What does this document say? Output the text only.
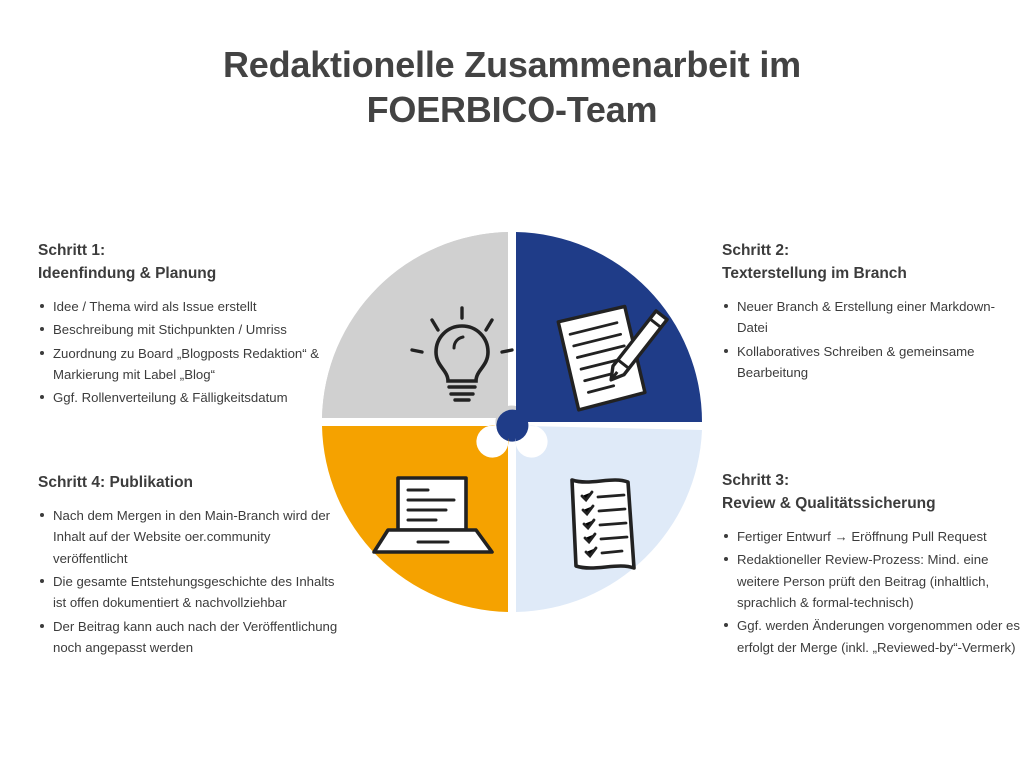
Redaktionelle Zusammenarbeit im
FOERBICO-Team
Schritt 1:
Ideenfindung & Planung
Idee / Thema wird als Issue erstellt
Beschreibung mit Stichpunkten / Umriss
Zuordnung zu Board „Blogposts Redaktion“ & Markierung mit Label „Blog“
Ggf. Rollenverteilung & Fälligkeitsdatum
Schritt 2:
Texterstellung im Branch
Neuer Branch & Erstellung einer Markdown-Datei
Kollaboratives Schreiben & gemeinsame Bearbeitung
Schritt 3:
Review & Qualitätssicherung
Fertiger Entwurf → Eröffnung Pull Request
Redaktioneller Review-Prozess: Mind. eine weitere Person prüft den Beitrag (inhaltlich, sprachlich & formal-technisch)
Ggf. werden Änderungen vorgenommen oder es erfolgt der Merge (inkl. „Reviewed-by“-Vermerk)
Schritt 4: Publikation
Nach dem Mergen in den Main-Branch wird der Inhalt auf der Website oer.community veröffentlicht
Die gesamte Entstehungsgeschichte des Inhalts ist offen dokumentiert & nachvollziehbar
Der Beitrag kann auch nach der Veröffentlichung noch angepasst werden
